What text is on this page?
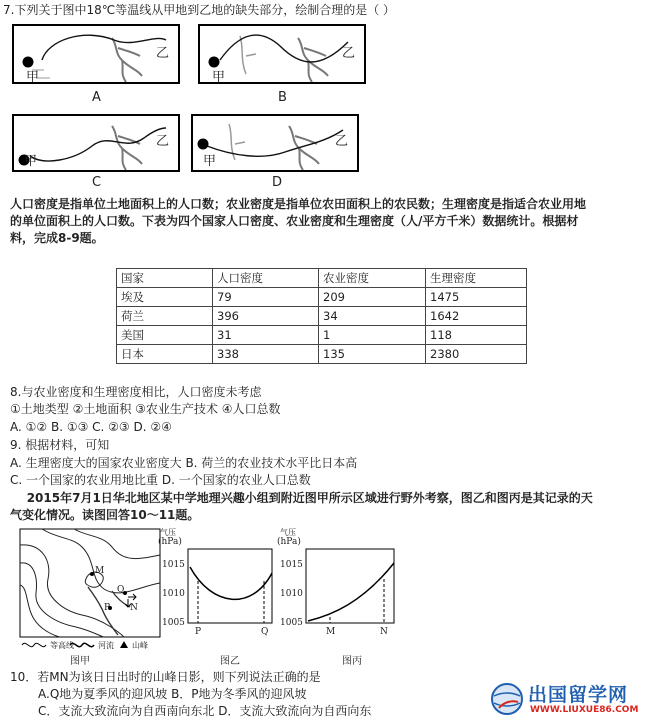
7.下列关于图中18℃等温线从甲地到乙地的缺失部分，绘制合理的是（ ）
甲
乙
A
甲
乙
B
甲
乙
C
甲
乙
D
人口密度是指单位土地面积上的人口数；农业密度是指单位农田面积上的农民数；生理密度是指适合农业用地
的单位面积上的人口数。下表为四个国家人口密度、农业密度和生理密度（人/平方千米）数据统计。根据材
料，完成8-9题。
国家	人口密度	农业密度	生理密度
埃及	79	209	1475
荷兰	396	34	1642
美国	31	1	118
日本	338	135	2380
8.与农业密度和生理密度相比，人口密度未考虑
①土地类型 ②土地面积 ③农业生产技术 ④人口总数
A. ①② B. ①③ C. ②③ D. ②④
9. 根据材料，可知
A. 生理密度大的国家农业密度大 B. 荷兰的农业技术水平比日本高
C. 一个国家的农业用地比重 D. 一个国家的农业人口总数
2015年7月1日华北地区某中学地理兴趣小组到附近图甲所示区域进行野外考察，图乙和图丙是其记录的天
气变化情况。读图回答10～11题。
M
P
Q
N
等高线	河流 山峰
图甲
气压
(hPa)
1015
1010
1005
P	Q
图乙
气压
(hPa)
1015
1010
1005
M	N
图丙
10．若MN为该日日出时的山峰日影，则下列说法正确的是
A.Q地为夏季风的迎风坡 B．P地为冬季风的迎风坡
C．支流大致流向为自西南向东北 D．支流大致流向为自西向东
出国留学网
WWW.LIUXUE86.COM
